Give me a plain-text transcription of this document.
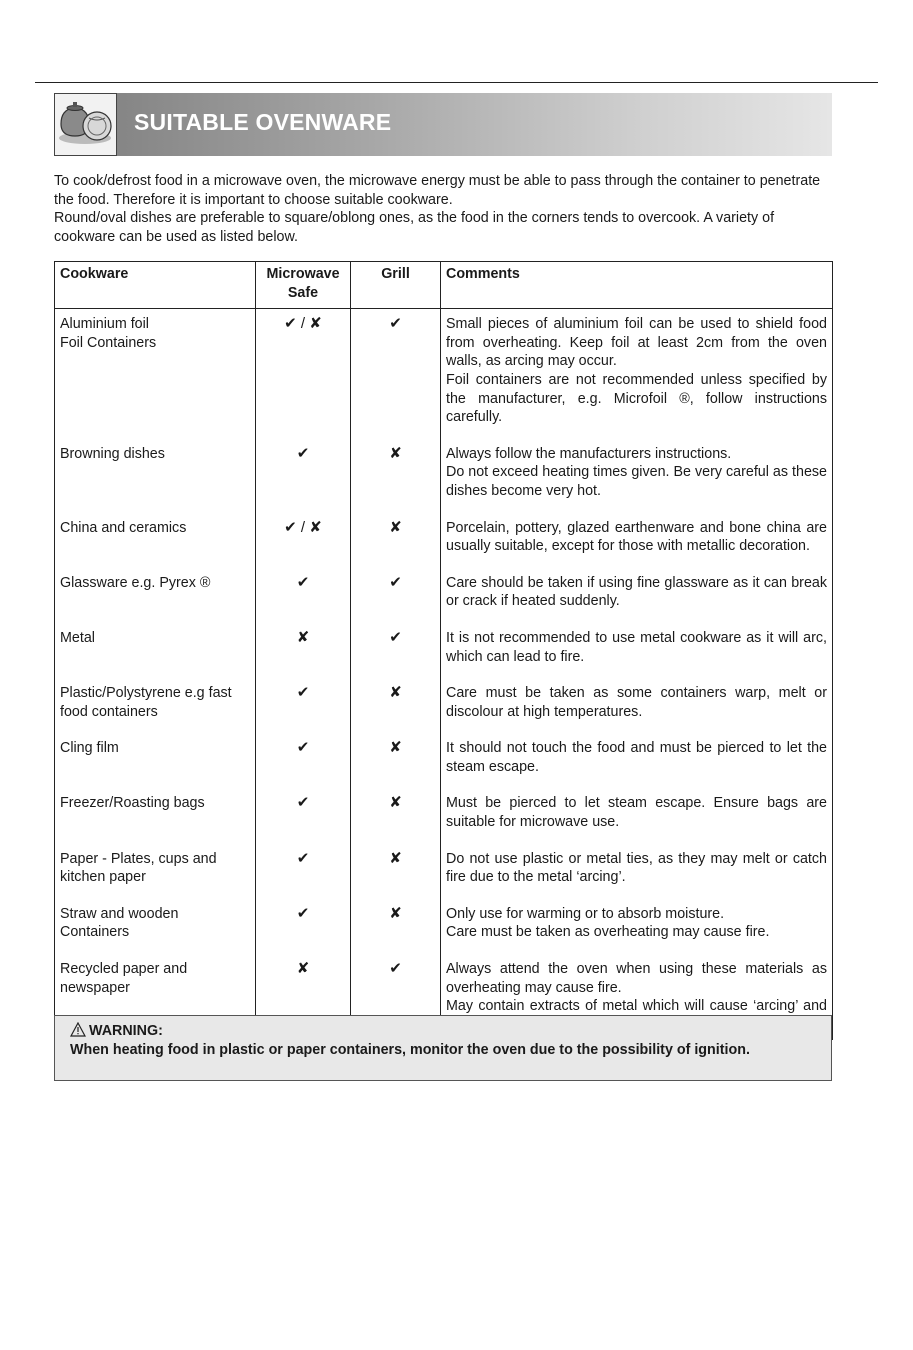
SUITABLE OVENWARE

To cook/defrost food in a microwave oven, the microwave energy must be able to pass through the container to penetrate the food. Therefore it is important to choose suitable cookware.

Round/oval dishes are preferable to square/oblong ones, as the food in the corners tends to overcook. A variety of cookware can be used as listed below.

Cookware	Microwave Safe	Grill	Comments
Aluminium foil
Foil Containers	✔ / ✘	✔	Small pieces of aluminium foil can be used to shield food from overheating. Keep foil at least 2cm from the oven walls, as arcing may occur.
Foil containers are not recommended unless specified by the manufacturer, e.g. Microfoil ®, follow instructions carefully.
Browning dishes	✔	✘	Always follow the manufacturers instructions.
Do not exceed heating times given. Be very careful as these dishes become very hot.
China and ceramics	✔ / ✘	✘	Porcelain, pottery, glazed earthenware and bone china are usually suitable, except for those with metallic decoration.
Glassware e.g. Pyrex ®	✔	✔	Care should be taken if using fine glassware as it can break or crack if heated suddenly.
Metal	✘	✔	It is not recommended to use metal cookware as it will arc, which can lead to fire.
Plastic/Polystyrene e.g fast food containers	✔	✘	Care must be taken as some containers warp, melt or discolour at high temperatures.
Cling film	✔	✘	It should not touch the food and must be pierced to let the steam escape.
Freezer/Roasting bags	✔	✘	Must be pierced to let steam escape. Ensure bags are suitable for microwave use.
Paper - Plates, cups and kitchen paper	✔	✘	Do not use plastic or metal ties, as they may melt or catch fire due to the metal ‘arcing’.
Straw and wooden Containers	✔	✘	Only use for warming or to absorb moisture.
Care must be taken as overheating may cause fire.
Recycled paper and newspaper	✘	✔	Always attend the oven when using these materials as overheating may cause fire.
May contain extracts of metal which will cause ‘arcing’ and
WARNING:
When heating food in plastic or paper containers, monitor the oven due to the possibility of ignition.
